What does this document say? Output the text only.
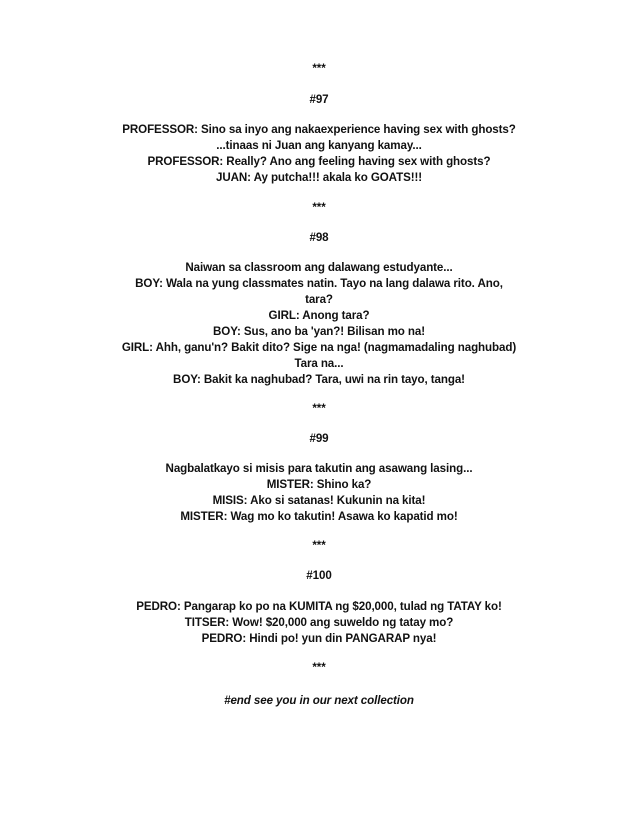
***
#97
PROFESSOR: Sino sa inyo ang nakaexperience having sex with ghosts?
...tinaas ni Juan ang kanyang kamay...
PROFESSOR: Really? Ano ang feeling having sex with ghosts?
JUAN: Ay putcha!!! akala ko GOATS!!!
***
#98
Naiwan sa classroom ang dalawang estudyante...
BOY: Wala na yung classmates natin. Tayo na lang dalawa rito. Ano,
tara?
GIRL: Anong tara?
BOY: Sus, ano ba 'yan?! Bilisan mo na!
GIRL: Ahh, ganu'n? Bakit dito? Sige na nga! (nagmamadaling naghubad)
Tara na...
BOY: Bakit ka naghubad? Tara, uwi na rin tayo, tanga!
***
#99
Nagbalatkayo si misis para takutin ang asawang lasing...
MISTER: Shino ka?
MISIS: Ako si satanas! Kukunin na kita!
MISTER: Wag mo ko takutin! Asawa ko kapatid mo!
***
#100
PEDRO: Pangarap ko po na KUMITA ng $20,000, tulad ng TATAY ko!
TITSER: Wow! $20,000 ang suweldo ng tatay mo?
PEDRO: Hindi po! yun din PANGARAP nya!
***
#end see you in our next collection
